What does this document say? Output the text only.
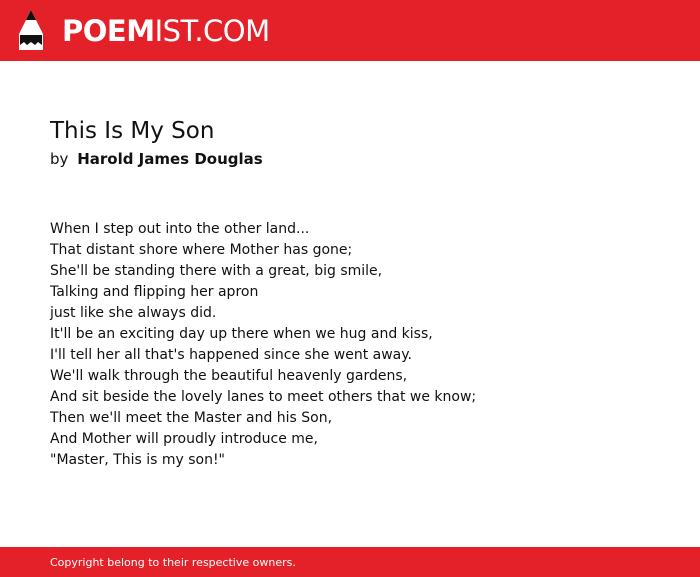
POEMIST.COM
This Is My Son
by Harold James Douglas
When I step out into the other land...
That distant shore where Mother has gone;
She'll be standing there with a great, big smile,
Talking and flipping her apron
just like she always did.
It'll be an exciting day up there when we hug and kiss,
I'll tell her all that's happened since she went away.
We'll walk through the beautiful heavenly gardens,
And sit beside the lovely lanes to meet others that we know;
Then we'll meet the Master and his Son,
And Mother will proudly introduce me,
"Master, This is my son!"
Copyright belong to their respective owners.
